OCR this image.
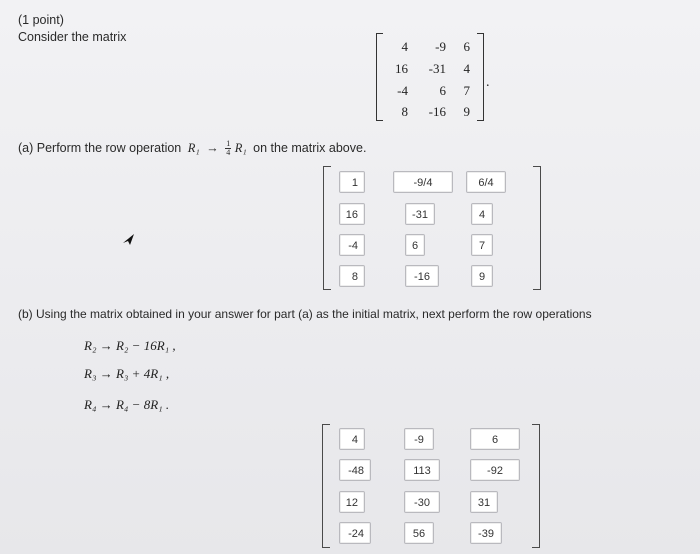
(1 point)
Consider the matrix
4	-9	6
16	-31	4
-4	6	7
8	-16	9
.
(a) Perform the row operation $R_1 \to \frac{1}{4} R_1$ on the matrix above.
1	-9/4	6/4
16	-31	4
-4	6	7
8	-16	9
(b) Using the matrix obtained in your answer for part (a) as the initial matrix, next perform the row operations
R₂ → R₂ − 16R₁ ,
R₃ → R₃ + 4R₁ ,
R₄ → R₄ − 8R₁ .
4	-9	6
-48	113	-92
12	-30	31
-24	56	-39
